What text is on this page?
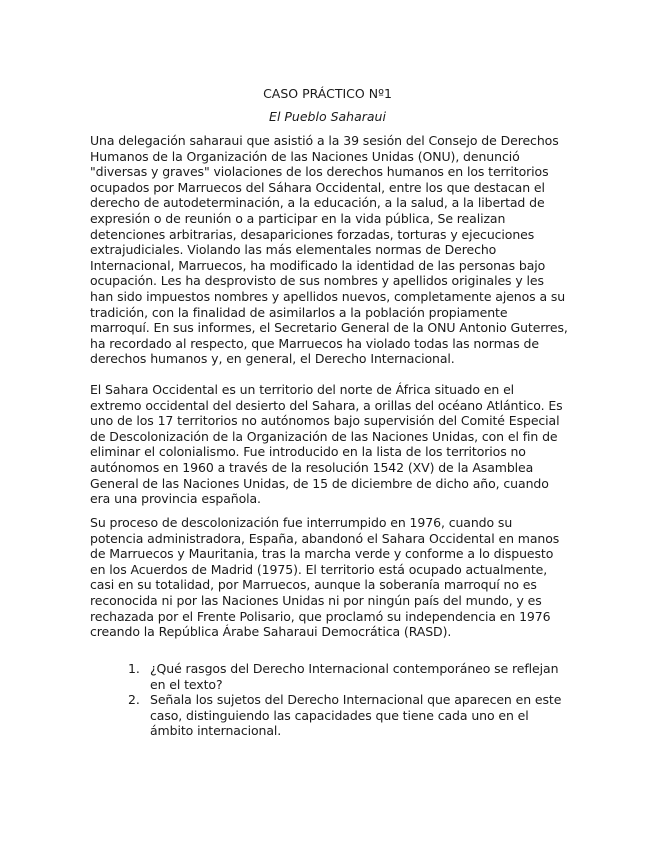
CASO PRÁCTICO Nº1

El Pueblo Saharaui

Una delegación saharaui que asistió a la 39 sesión del Consejo de Derechos Humanos de la Organización de las Naciones Unidas (ONU), denunció "diversas y graves" violaciones de los derechos humanos en los territorios ocupados por Marruecos del Sáhara Occidental, entre los que destacan el derecho de autodeterminación, a la educación, a la salud, a la libertad de expresión o de reunión o a participar en la vida pública, Se realizan detenciones arbitrarias, desapariciones forzadas, torturas y ejecuciones extrajudiciales. Violando las más elementales normas de Derecho Internacional, Marruecos, ha modificado la identidad de las personas bajo ocupación. Les ha desprovisto de sus nombres y apellidos originales y les han sido impuestos nombres y apellidos nuevos, completamente ajenos a su tradición, con la finalidad de asimilarlos a la población propiamente marroquí. En sus informes, el Secretario General de la ONU Antonio Guterres, ha recordado al respecto, que Marruecos ha violado todas las normas de derechos humanos y, en general, el Derecho Internacional.

El Sahara Occidental es un territorio del norte de África situado en el extremo occidental del desierto del Sahara, a orillas del océano Atlántico. Es uno de los 17 territorios no autónomos bajo supervisión del Comité Especial de Descolonización de la Organización de las Naciones Unidas, con el fin de eliminar el colonialismo. Fue introducido en la lista de los territorios no autónomos en 1960 a través de la resolución 1542 (XV) de la Asamblea General de las Naciones Unidas, de 15 de diciembre de dicho año, cuando era una provincia española.

Su proceso de descolonización fue interrumpido en 1976, cuando su potencia administradora, España, abandonó el Sahara Occidental en manos de Marruecos y Mauritania, tras la marcha verde y conforme a lo dispuesto en los Acuerdos de Madrid (1975). El territorio está ocupado actualmente, casi en su totalidad, por Marruecos, aunque la soberanía marroquí no es reconocida ni por las Naciones Unidas ni por ningún país del mundo, y es rechazada por el Frente Polisario, que proclamó su independencia en 1976 creando la República Árabe Saharaui Democrática (RASD).

1. ¿Qué rasgos del Derecho Internacional contemporáneo se reflejan en el texto?
2. Señala los sujetos del Derecho Internacional que aparecen en este caso, distinguiendo las capacidades que tiene cada uno en el ámbito internacional.
